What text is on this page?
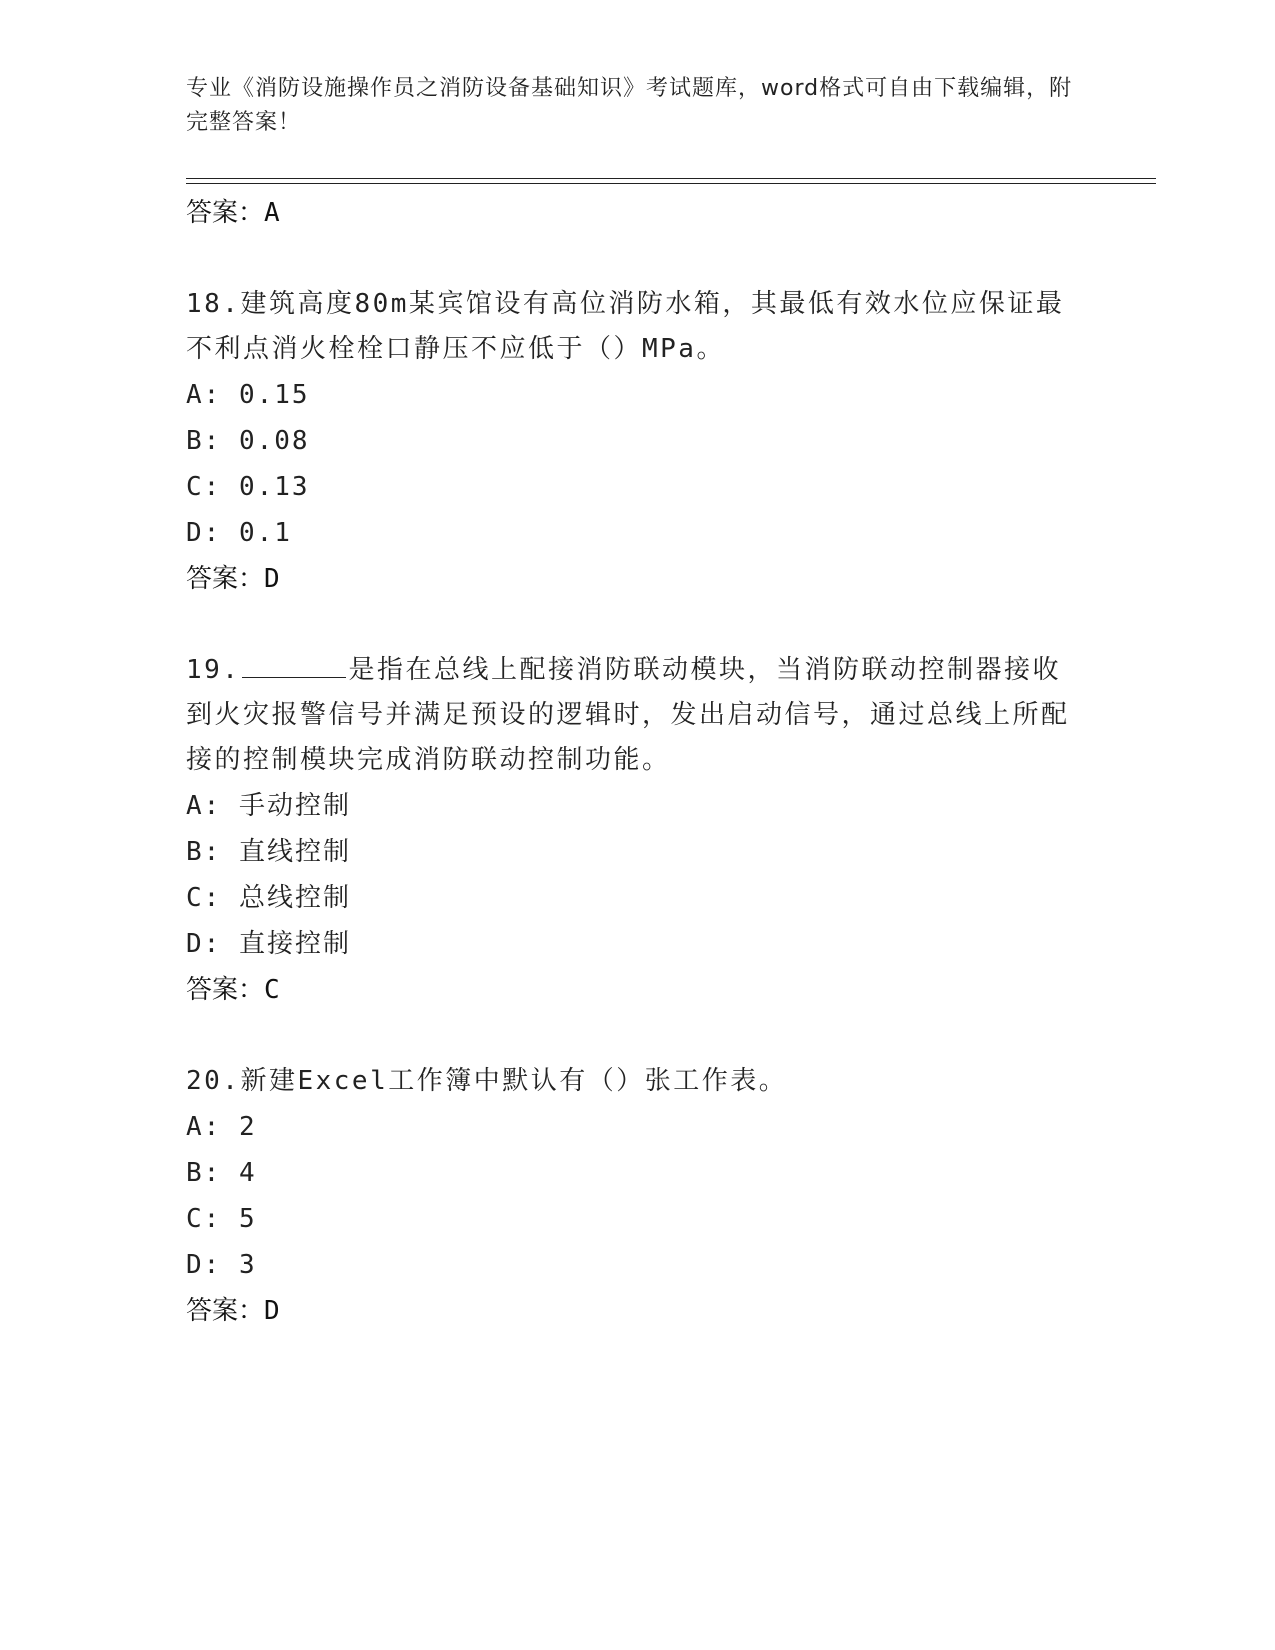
专业《消防设施操作员之消防设备基础知识》考试题库，word格式可自由下载编辑，附完整答案！
答案：A
18.建筑高度80m某宾馆设有高位消防水箱，其最低有效水位应保证最不利点消火栓栓口静压不应低于（）MPa。
A: 0.15
B: 0.08
C: 0.13
D: 0.1
答案：D
19.	是指在总线上配接消防联动模块，当消防联动控制器接收到火灾报警信号并满足预设的逻辑时，发出启动信号，通过总线上所配接的控制模块完成消防联动控制功能。
A: 手动控制
B: 直线控制
C: 总线控制
D: 直接控制
答案：C
20.新建Excel工作簿中默认有（）张工作表。
A: 2
B: 4
C: 5
D: 3
答案：D
